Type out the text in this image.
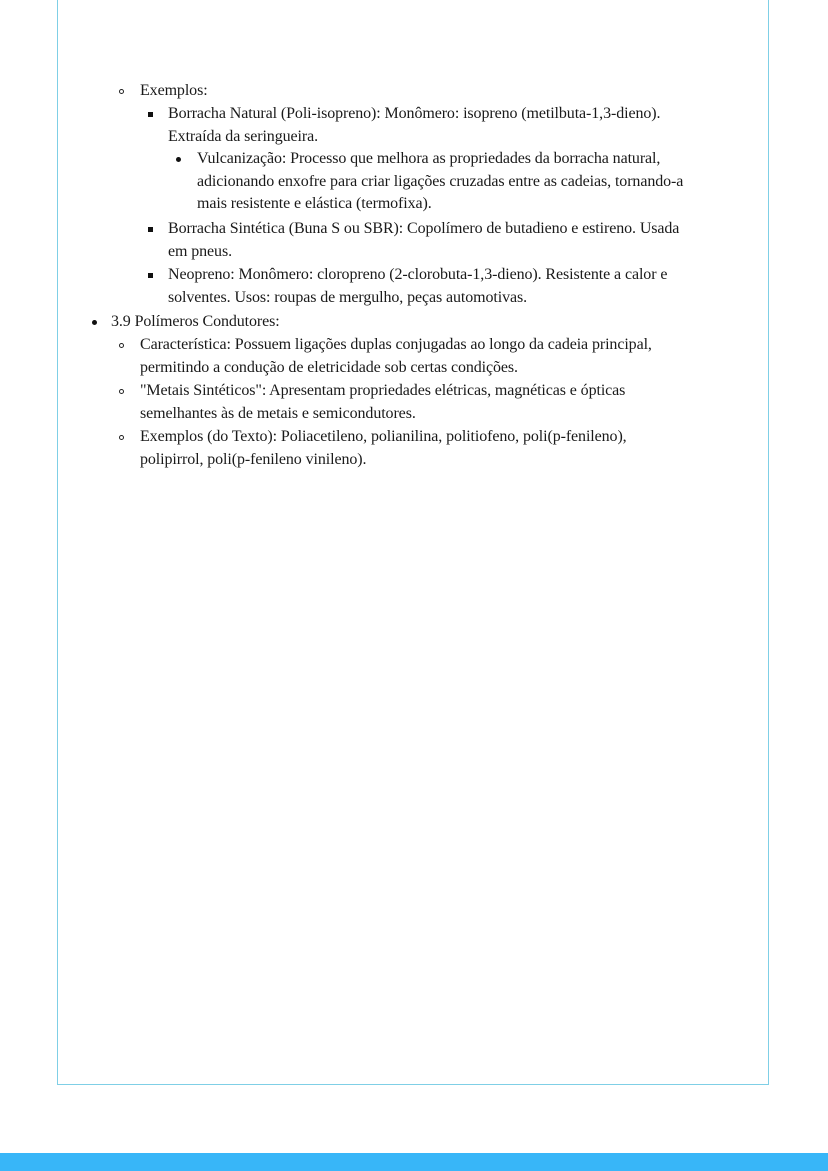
Exemplos:
Borracha Natural (Poli-isopreno): Monômero: isopreno (metilbuta-1,3-dieno).
Extraída da seringueira.
Vulcanização: Processo que melhora as propriedades da borracha natural,
adicionando enxofre para criar ligações cruzadas entre as cadeias, tornando-a
mais resistente e elástica (termofixa).
Borracha Sintética (Buna S ou SBR): Copolímero de butadieno e estireno. Usada
em pneus.
Neopreno: Monômero: cloropreno (2-clorobuta-1,3-dieno). Resistente a calor e
solventes. Usos: roupas de mergulho, peças automotivas.
3.9 Polímeros Condutores:
Característica: Possuem ligações duplas conjugadas ao longo da cadeia principal,
permitindo a condução de eletricidade sob certas condições.
"Metais Sintéticos": Apresentam propriedades elétricas, magnéticas e ópticas
semelhantes às de metais e semicondutores.
Exemplos (do Texto): Poliacetileno, polianilina, politiofeno, poli(p-fenileno),
polipirrol, poli(p-fenileno vinileno).
